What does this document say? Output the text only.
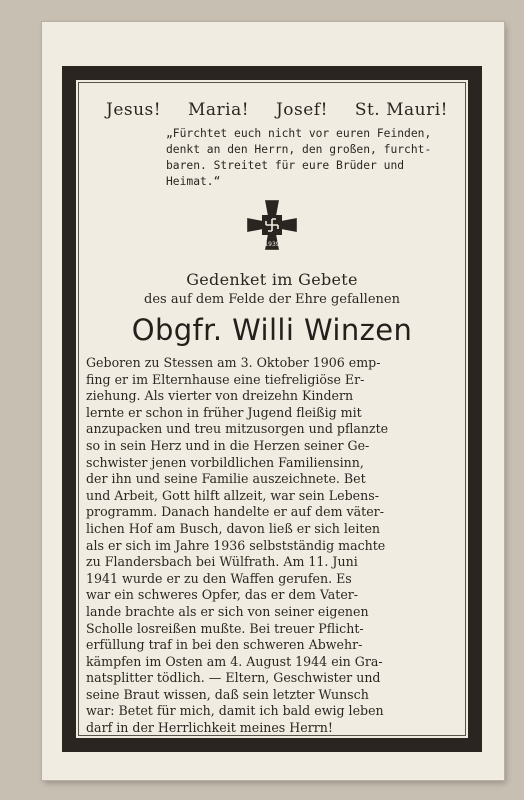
Jesus! Maria! Josef! St. Mauri!
„Fürchtet euch nicht vor euren Feinden,
denkt an den Herrn, den großen, furcht-
baren. Streitet für eure Brüder und
Heimat.“
1939
Gedenket im Gebete
des auf dem Felde der Ehre gefallenen
Obgfr. Willi Winzen
Geboren zu Stessen am 3. Oktober 1906 emp-
fing er im Elternhause eine tiefreligiöse Er-
ziehung. Als vierter von dreizehn Kindern
lernte er schon in früher Jugend fleißig mit
anzupacken und treu mitzusorgen und pflanzte
so in sein Herz und in die Herzen seiner Ge-
schwister jenen vorbildlichen Familiensinn,
der ihn und seine Familie auszeichnete. Bet
und Arbeit, Gott hilft allzeit, war sein Lebens-
programm. Danach handelte er auf dem väter-
lichen Hof am Busch, davon ließ er sich leiten
als er sich im Jahre 1936 selbstständig machte
zu Flandersbach bei Wülfrath. Am 11. Juni
1941 wurde er zu den Waffen gerufen. Es
war ein schweres Opfer, das er dem Vater-
lande brachte als er sich von seiner eigenen
Scholle losreißen mußte. Bei treuer Pflicht-
erfüllung traf in bei den schweren Abwehr-
kämpfen im Osten am 4. August 1944 ein Gra-
natsplitter tödlich. — Eltern, Geschwister und
seine Braut wissen, daß sein letzter Wunsch
war: Betet für mich, damit ich bald ewig leben
darf in der Herrlichkeit meines Herrn!
